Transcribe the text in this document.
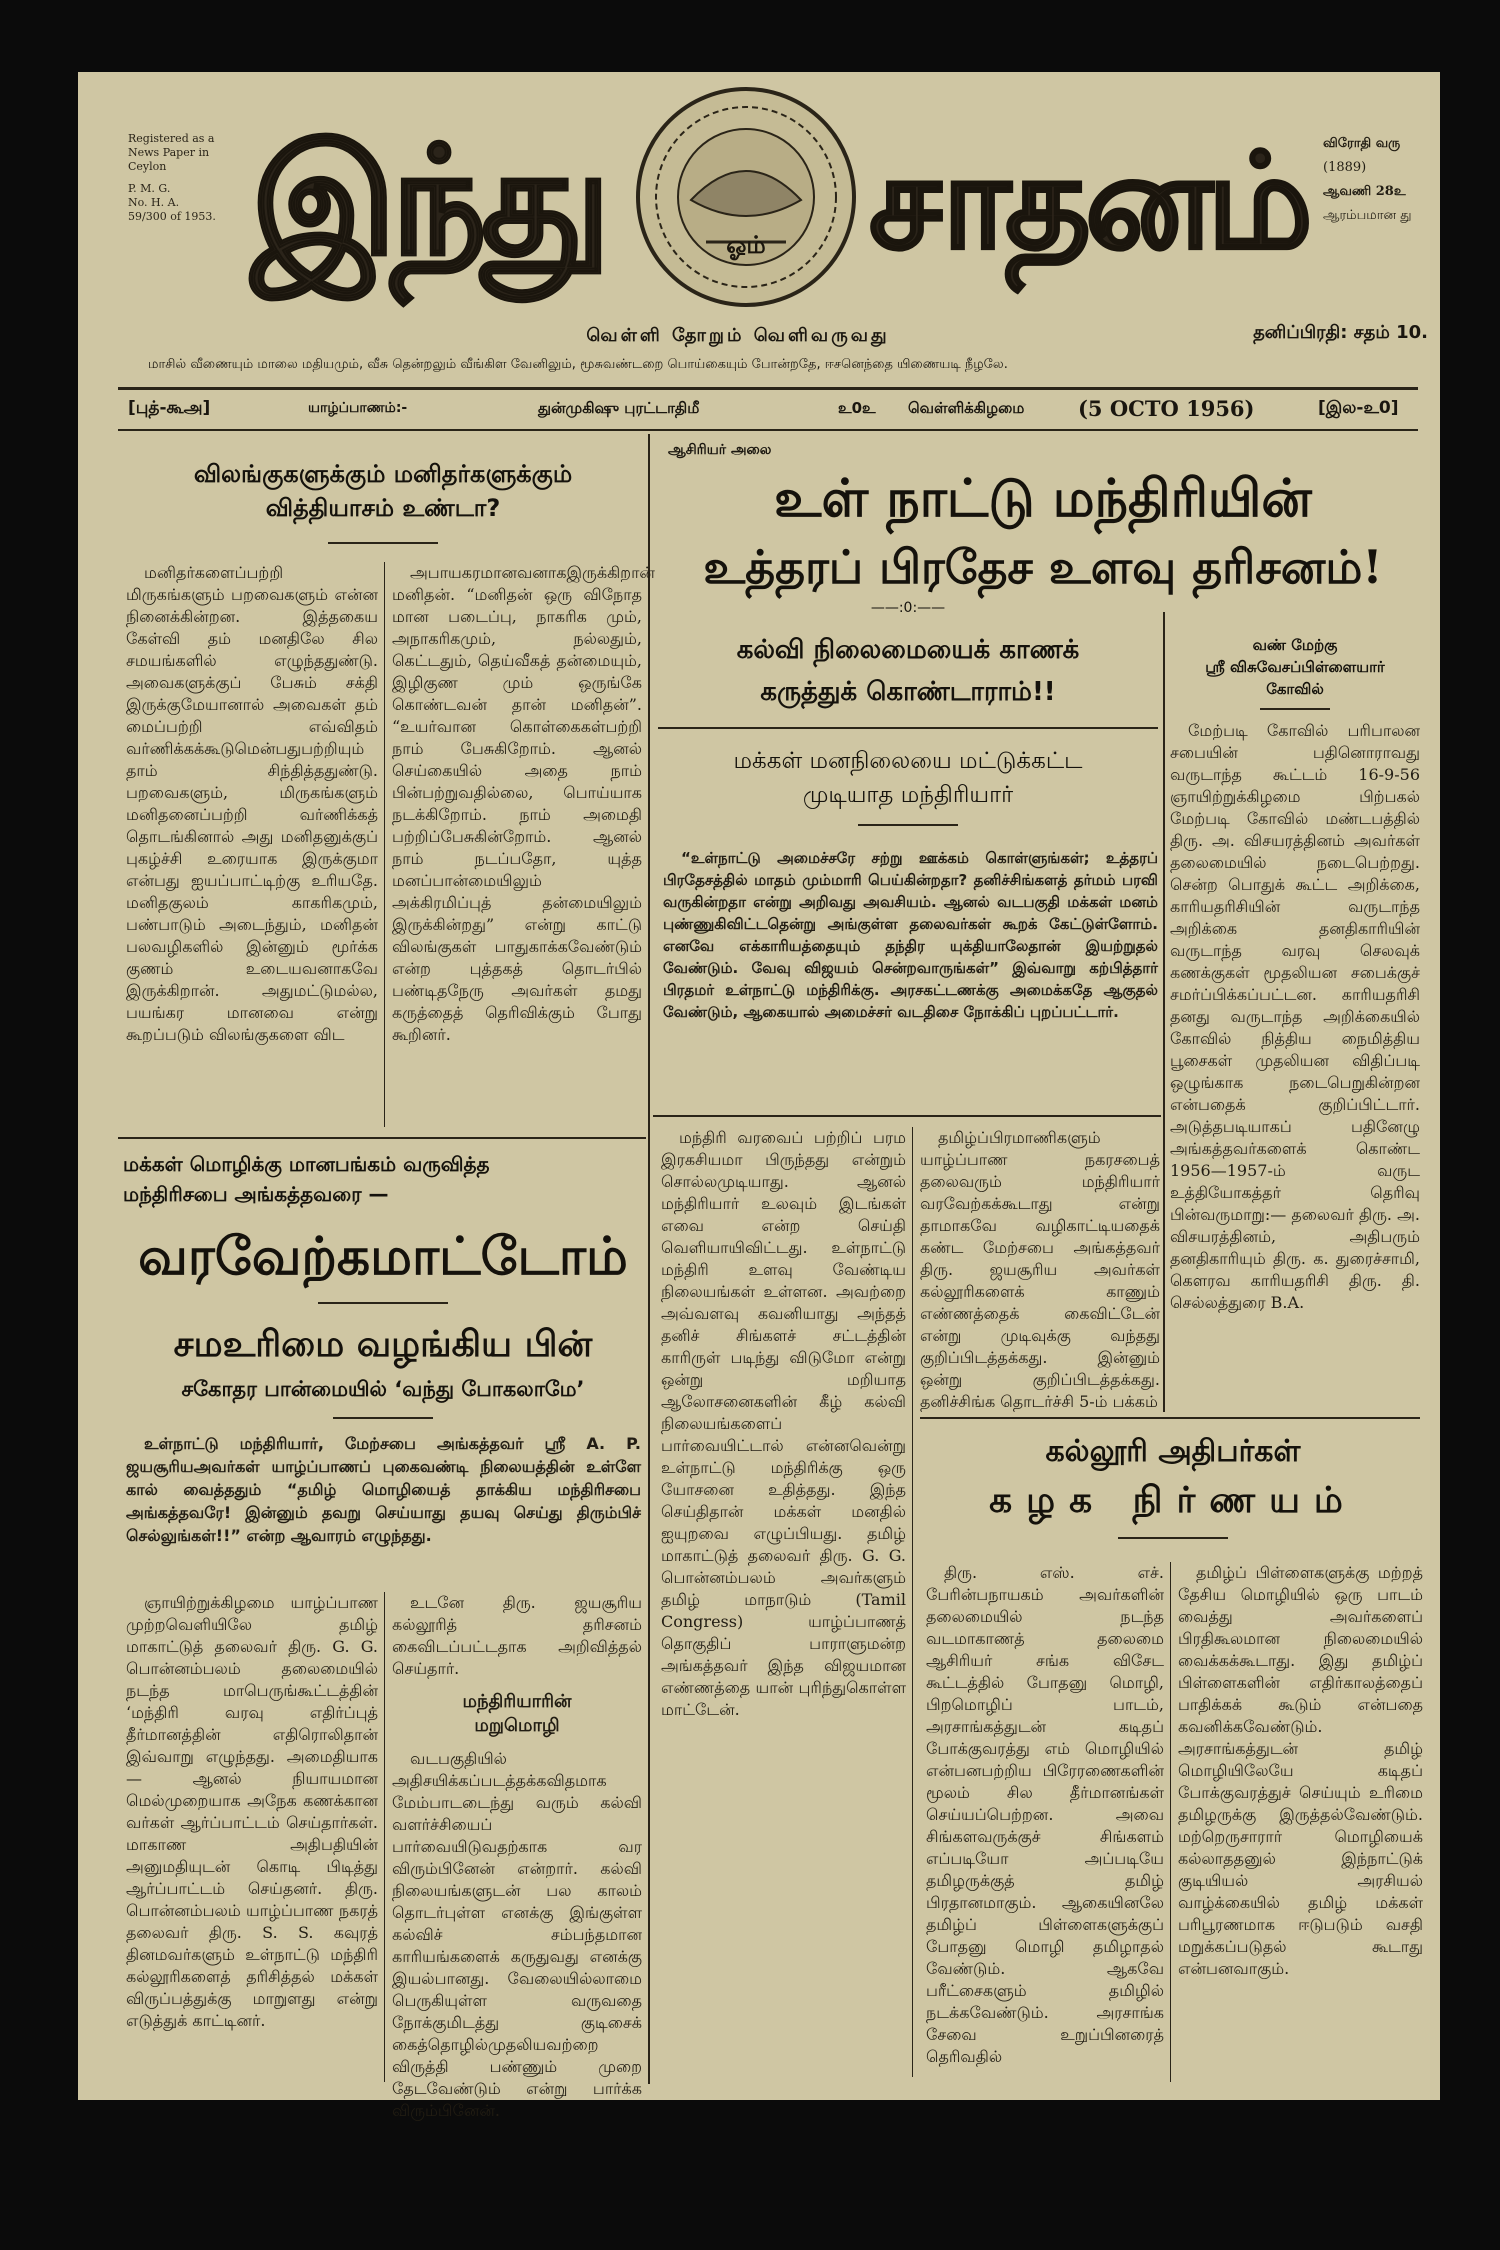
Registered as a
News Paper in
Ceylon
P. M. G.
No. H. A.
59/300 of 1953. இந்து	ஓம் சாதனம்	விரோதி வரு
(1889)
ஆவணி 28உ
ஆரம்பமான து
வெள்ளி தோறும் வெளிவருவது	தனிப்பிரதி: சதம் 10.
மாசில் வீணையும் மாலை மதியமும், வீசு தென்றலும் வீங்கிள வேனிலும், மூசுவண்டறை பொய்கையும் போன்றதே, ஈசனெந்தை யிணையடி நீழலே.
[புத்-கூஅ]	யாழ்ப்பாணம்:-	துன்முகிஷு புரட்டாதிமீ	உ0உ வெள்ளிக்கிழமை	(5 OCTO 1956)	[இல-உ0]
விலங்குகளுக்கும் மனிதர்களுக்கும்
வித்தியாசம் உண்டா?

மனிதர்களைப்பற்றி மிருகங்களும் பறவைகளும் என்ன நினைக்கின்றன. இத்தகைய கேள்வி தம் மனதிலே சில சமயங்களில் எழுந்ததுண்டு. அவைகளுக்குப் பேசும் சக்தி இருக்குமேயானால் அவைகள் தம் மைப்பற்றி எவ்விதம் வர்ணிக்கக்கூடுமென்பதுபற்றியும் தாம் சிந்தித்ததுண்டு. பறவைகளும், மிருகங்களும் மனிதனைப்பற்றி வர்ணிக்கத் தொடங்கினால் அது மனிதனுக்குப் புகழ்ச்சி உரையாக இருக்குமா என்பது ஐயப்பாட்டிற்கு உரியதே. மனிதகுலம் காகரிகமும், பண்பாடும் அடைந்தும், மனிதன் பலவழிகளில் இன்னும் மூர்க்க குணம் உடையவனாகவே இருக்கிறான். அதுமட்டுமல்ல, பயங்கர மானவை என்று கூறப்படும் விலங்குகளை விட

அபாயகரமானவனாகஇருக்கிறான் மனிதன். “மனிதன் ஒரு விநோத மான படைப்பு, நாகரிக மும், அநாகரிகமும், நல்லதும், கெட்டதும், தெய்வீகத் தன்மையும், இழிகுண மும் ஒருங்கே கொண்டவன் தான் மனிதன்”. “உயர்வான கொள்கைகள்பற்றி நாம் பேசுகிறோம். ஆனல் செய்கையில் அதை நாம் பின்பற்றுவதில்லை, பொய்யாக நடக்கிறோம். நாம் அமைதி பற்றிப்பேசுகின்றோம். ஆனல் நாம் நடப்பதோ, யுத்த மனப்பான்மையிலும் அக்கிரமிப்புத் தன்மையிலும் இருக்கின்றது” என்று காட்டு விலங்குகள் பாதுகாக்கவேண்டும் என்ற புத்தகத் தொடர்பில் பண்டிதநேரு அவர்கள் தமது கருத்தைத் தெரிவிக்கும் போது கூறினர்.

மக்கள் மொழிக்கு மானபங்கம் வருவித்த
மந்திரிசபை அங்கத்தவரை —
வரவேற்கமாட்டோம்
சமஉரிமை வழங்கிய பின்
சகோதர பான்மையில் ‘வந்து போகலாமே’

உள்நாட்டு மந்திரியார், மேற்சபை அங்கத்தவர் ஸ்ரீ A. P. ஜயசூரியஅவர்கள் யாழ்ப்பாணப் புகைவண்டி நிலையத்தின் உள்ளே கால் வைத்ததும் “தமிழ் மொழியைத் தாக்கிய மந்திரிசபை அங்கத்தவரே! இன்னும் தவறு செய்யாது தயவு செய்து திரும்பிச் செல்லுங்கள்!!” என்ற ஆவாரம் எழுந்தது.

ஞாயிற்றுக்கிழமை யாழ்ப்பாண முற்றவெளியிலே தமிழ் மாகாட்டுத் தலைவர் திரு. G. G. பொன்னம்பலம் தலைமையில் நடந்த மாபெருங்கூட்டத்தின் ‘மந்திரி வரவு எதிர்ப்புத் தீர்மானத்தின் எதிரொலிதான் இவ்வாறு எழுந்தது. அமைதியாக — ஆனல் நியாயமான மெல்முறையாக அநேக கணக்கான வர்கள் ஆர்ப்பாட்டம் செய்தார்கள். மாகாண அதிபதியின் அனுமதியுடன் கொடி பிடித்து ஆர்ப்பாட்டம் செய்தனர். திரு. பொன்னம்பலம் யாழ்ப்பாண நகரத் தலைவர் திரு. S. S. கவுரத் தினமவர்களும் உள்நாட்டு மந்திரி கல்லூரிகளைத் தரிசித்தல் மக்கள் விருப்பத்துக்கு மாறுளது என்று எடுத்துக் காட்டினர்.

உடனே திரு. ஜயசூரிய கல்லூரித் தரிசனம் கைவிடப்பட்டதாக அறிவித்தல் செய்தார்.

மந்திரியாரின்
மறுமொழி

வடபகுதியில் அதிசயிக்கப்படத்தக்கவிதமாக மேம்பாடடைந்து வரும் கல்வி வளர்ச்சியைப் பார்வையிடுவதற்காக வர விரும்பினேன் என்றார். கல்வி நிலையங்களுடன் பல காலம் தொடர்புள்ள எனக்கு இங்குள்ள கல்விச் சம்பந்தமான காரியங்களைக் கருதுவது எனக்கு இயல்பானது. வேலையில்லாமை பெருகியுள்ள வருவதை நோக்குமிடத்து குடிசைக் கைத்தொழில்முதலியவற்றை விருத்தி பண்ணும் முறை தேடவேண்டும் என்று பார்க்க விரும்பினேன்.

ஆசிரியர் அலை
உள் நாட்டு மந்திரியின்
உத்தரப் பிரதேச உளவு தரிசனம்!
——:0:——
கல்வி நிலைமையைக் காணக்
கருத்துக் கொண்டாராம்!!
மக்கள் மனநிலையை மட்டுக்கட்ட
முடியாத மந்திரியார்

“உள்நாட்டு அமைச்சரே சற்று ஊக்கம் கொள்ளுங்கள்; உத்தரப் பிரதேசத்தில் மாதம் மும்மாரி பெய்கின்றதா? தனிச்சிங்களத் தர்மம் பரவி வருகின்றதா என்று அறிவது அவசியம். ஆனல் வடபகுதி மக்கள் மனம் புண்ணுகிவிட்டதென்று அங்குள்ள தலைவர்கள் கூறக் கேட்டுள்ளோம். எனவே எக்காரியத்தையும் தந்திர யுக்தியாலேதான் இயற்றுதல் வேண்டும். வேவு விஜயம் சென்றவாருங்கள்” இவ்வாறு கற்பித்தார் பிரதமர் உள்நாட்டு மந்திரிக்கு. அரசகட்டணக்கு அமைக்கதே ஆகுதல் வேண்டும், ஆகையால் அமைச்சர் வடதிசை நோக்கிப் புறப்பட்டார்.

மந்திரி வரவைப் பற்றிப் பரம இரகசியமா பிருந்தது என்றும் சொல்லமுடியாது. ஆனல் மந்திரியார் உலவும் இடங்கள் எவை என்ற செய்தி வெளியாயிவிட்டது. உள்நாட்டு மந்திரி உளவு வேண்டிய நிலையங்கள் உள்ளன. அவற்றை அவ்வளவு கவனியாது அந்தத் தனிச் சிங்களச் சட்டத்தின் காரிருள் படிந்து விடுமோ என்று ஒன்று மறியாத ஆலோசனைகளின் கீழ் கல்வி நிலையங்களைப் பார்வையிட்டால் என்னவென்று உள்நாட்டு மந்திரிக்கு ஒரு யோசனை உதித்தது. இந்த செய்திதான் மக்கள் மனதில் ஐயுறவை எழுப்பியது. தமிழ் மாகாட்டுத் தலைவர் திரு. G. G. பொன்னம்பலம் அவர்களும் தமிழ் மாநாடும் (Tamil Congress) யாழ்ப்பாணத் தொகுதிப் பாராளுமன்ற அங்கத்தவர் இந்த விஜயமான எண்ணத்தை யான் புரிந்துகொள்ள மாட்டேன்.

தமிழ்ப்பிரமாணிகளும் யாழ்ப்பாண நகரசபைத் தலைவரும் மந்திரியார் வரவேற்கக்கூடாது என்று தாமாகவே வழிகாட்டியதைக் கண்ட மேற்சபை அங்கத்தவர் திரு. ஜயசூரிய அவர்கள் கல்லூரிகளைக் காணும் எண்ணத்தைக் கைவிட்டேன் என்று முடிவுக்கு வந்தது குறிப்பிடத்தக்கது. இன்னும் ஒன்று குறிப்பிடத்தக்கது. தனிச்சிங்க தொடர்ச்சி 5-ம் பக்கம்

வண் மேற்கு
ஸ்ரீ விசுவேசப்பிள்ளையார்
கோவில்

மேற்படி கோவில் பரிபாலன சபையின் பதினொராவது வருடாந்த கூட்டம் 16-9-56 ஞாயிற்றுக்கிழமை பிற்பகல் மேற்படி கோவில் மண்டபத்தில் திரு. அ. விசயரத்தினம் அவர்கள் தலைமையில் நடைபெற்றது. சென்ற பொதுக் கூட்ட அறிக்கை, காரியதரிசியின் வருடாந்த அறிக்கை தனதிகாரியின் வருடாந்த வரவு செலவுக் கணக்குகள் மூதலியன சபைக்குச் சமர்ப்பிக்கப்பட்டன. காரியதரிசி தனது வருடாந்த அறிக்கையில் கோவில் நித்திய நைமித்திய பூசைகள் முதலியன விதிப்படி ஒழுங்காக நடைபெறுகின்றன என்பதைக் குறிப்பிட்டார். அடுத்தபடியாகப் பதினேழு அங்கத்தவர்களைக் கொண்ட 1956—1957-ம் வருட உத்தியோகத்தர் தெரிவு பின்வருமாறு:— தலைவர் திரு. அ. விசயரத்தினம், அதிபரும் தனதிகாரியும் திரு. க. துரைச்சாமி, கௌரவ காரியதரிசி திரு. தி. செல்லத்துரை B.A.

கல்லூரி அதிபர்கள்
கழக நிர்ணயம்

திரு. எஸ். எச். பேரின்பநாயகம் அவர்களின் தலைமையில் நடந்த வடமாகாணத் தலைமை ஆசிரியர் சங்க விசேட கூட்டத்தில் போதனு மொழி, பிறமொழிப் பாடம், அரசாங்கத்துடன் கடிதப் போக்குவரத்து எம் மொழியில் என்பனபற்றிய பிரேரணைகளின் மூலம் சில தீர்மானங்கள் செய்யப்பெற்றன. அவை சிங்களவருக்குச் சிங்களம் எப்படியோ அப்படியே தமிழருக்குத் தமிழ் பிரதானமாகும். ஆகையினலே தமிழ்ப் பிள்ளைகளுக்குப் போதனு மொழி தமிழாதல் வேண்டும். ஆகவே பரீட்சைகளும் தமிழில் நடக்கவேண்டும். அரசாங்க சேவை உறுப்பினரைத் தெரிவதில்

தமிழ்ப் பிள்ளைகளுக்கு மற்றத் தேசிய மொழியில் ஒரு பாடம் வைத்து அவர்களைப் பிரதிகூலமான நிலைமையில் வைக்கக்கூடாது. இது தமிழ்ப் பிள்ளைகளின் எதிர்காலத்தைப் பாதிக்கக் கூடும் என்பதை கவனிக்கவேண்டும். அரசாங்கத்துடன் தமிழ் மொழியிலேயே கடிதப் போக்குவரத்துச் செய்யும் உரிமை தமிழருக்கு இருத்தல்வேண்டும். மற்றெருசாரார் மொழியைக் கல்லாததனுல் இந்நாட்டுக் குடியியல் அரசியல் வாழ்க்கையில் தமிழ் மக்கள் பரிபூரணமாக ஈடுபடும் வசதி மறுக்கப்படுதல் கூடாது என்பனவாகும்.
